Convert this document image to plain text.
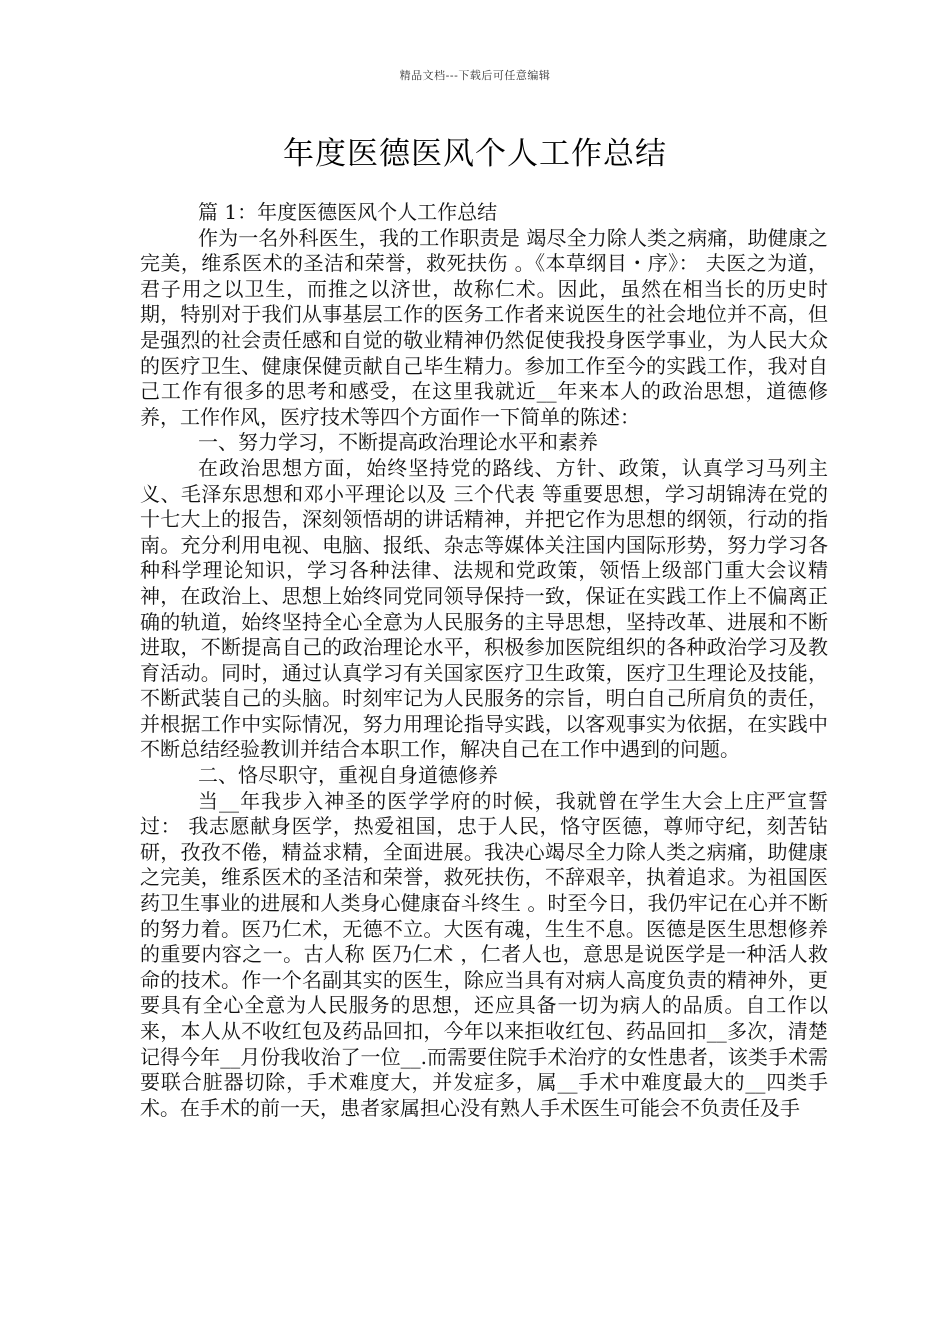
精品文档---下载后可任意编辑
年度医德医风个人工作总结

篇 1：年度医德医风个人工作总结

作为一名外科医生，我的工作职责是 竭尽全力除人类之病痛，助健康之完美，维系医术的圣洁和荣誉，救死扶伤 。《本草纲目・序》： 夫医之为道，君子用之以卫生，而推之以济世，故称仁术。因此，虽然在相当长的历史时期，特别对于我们从事基层工作的医务工作者来说医生的社会地位并不高，但是强烈的社会责任感和自觉的敬业精神仍然促使我投身医学事业，为人民大众的医疗卫生、健康保健贡献自己毕生精力。参加工作至今的实践工作，我对自己工作有很多的思考和感受，在这里我就近__年来本人的政治思想，道德修养，工作作风，医疗技术等四个方面作一下简单的陈述：

一、努力学习，不断提高政治理论水平和素养

在政治思想方面，始终坚持党的路线、方针、政策，认真学习马列主义、毛泽东思想和邓小平理论以及 三个代表 等重要思想，学习胡锦涛在党的十七大上的报告，深刻领悟胡的讲话精神，并把它作为思想的纲领，行动的指南。充分利用电视、电脑、报纸、杂志等媒体关注国内国际形势，努力学习各种科学理论知识，学习各种法律、法规和党政策，领悟上级部门重大会议精神，在政治上、思想上始终同党同领导保持一致，保证在实践工作上不偏离正确的轨道，始终坚持全心全意为人民服务的主导思想，坚持改革、进展和不断进取，不断提高自己的政治理论水平，积极参加医院组织的各种政治学习及教育活动。同时，通过认真学习有关国家医疗卫生政策，医疗卫生理论及技能，不断武装自己的头脑。时刻牢记为人民服务的宗旨，明白自己所肩负的责任，并根据工作中实际情况，努力用理论指导实践，以客观事实为依据，在实践中不断总结经验教训并结合本职工作，解决自己在工作中遇到的问题。

二、恪尽职守，重视自身道德修养

当__年我步入神圣的医学学府的时候，我就曾在学生大会上庄严宣誓过： 我志愿献身医学，热爱祖国，忠于人民，恪守医德，尊师守纪，刻苦钻研，孜孜不倦，精益求精，全面进展。我决心竭尽全力除人类之病痛，助健康之完美，维系医术的圣洁和荣誉，救死扶伤，不辞艰辛，执着追求。为祖国医药卫生事业的进展和人类身心健康奋斗终生 。时至今日，我仍牢记在心并不断的努力着。医乃仁术，无德不立。大医有魂，生生不息。医德是医生思想修养的重要内容之一。古人称 医乃仁术 ，仁者人也，意思是说医学是一种活人救命的技术。作一个名副其实的医生，除应当具有对病人高度负责的精神外，更要具有全心全意为人民服务的思想，还应具备一切为病人的品质。自工作以来，本人从不收红包及药品回扣，今年以来拒收红包、药品回扣__多次，清楚记得今年__月份我收治了一位__.而需要住院手术治疗的女性患者，该类手术需要联合脏器切除，手术难度大，并发症多，属__手术中难度最大的__四类手术。在手术的前一天，患者家属担心没有熟人手术医生可能会不负责任及手
